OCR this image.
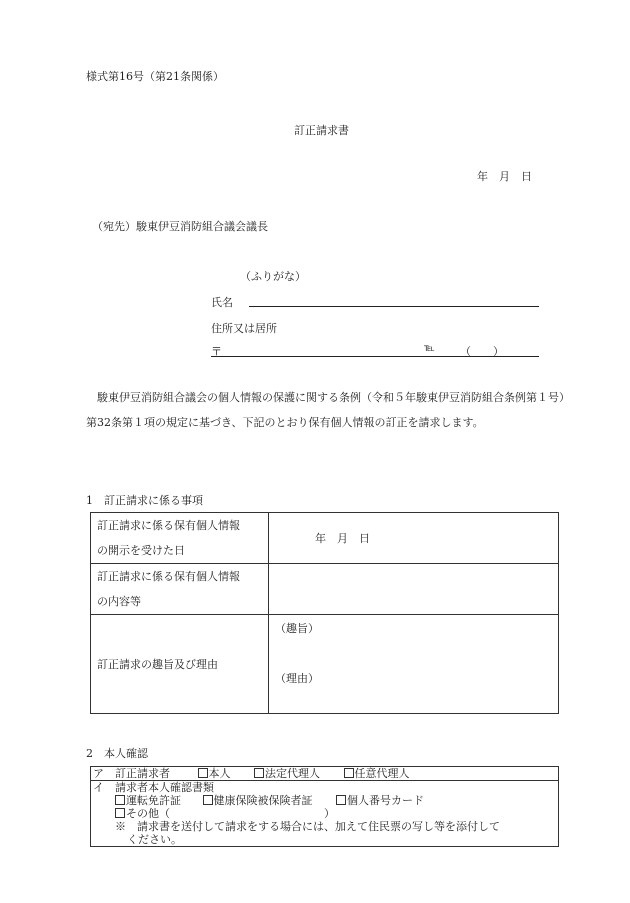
様式第16号（第21条関係）
訂正請求書
年　月　日
（宛先）駿東伊豆消防組合議会議長
（ふりがな）
氏名
住所又は居所
〒	℡ （　　）
駿東伊豆消防組合議会の個人情報の保護に関する条例（令和５年駿東伊豆消防組合条例第１号）第32条第１項の規定に基づき、下記のとおり保有個人情報の訂正を請求します。
1　訂正請求に係る事項
訂正請求に係る保有個人情報
の開示を受けた日	年　月　日

訂正請求に係る保有個人情報
の内容等	

訂正請求の趣旨及び理由	（趣旨）
（理由）
2　本人確認
ア　訂正請求者	本人	法定代理人	任意代理人

イ　請求者本人確認書類
運転免許証	健康保険被保険者証	個人番号カード
その他（　　　　　　　　　　　　　　）
※　請求書を送付して請求をする場合には、加えて住民票の写し等を添付して
ください。
